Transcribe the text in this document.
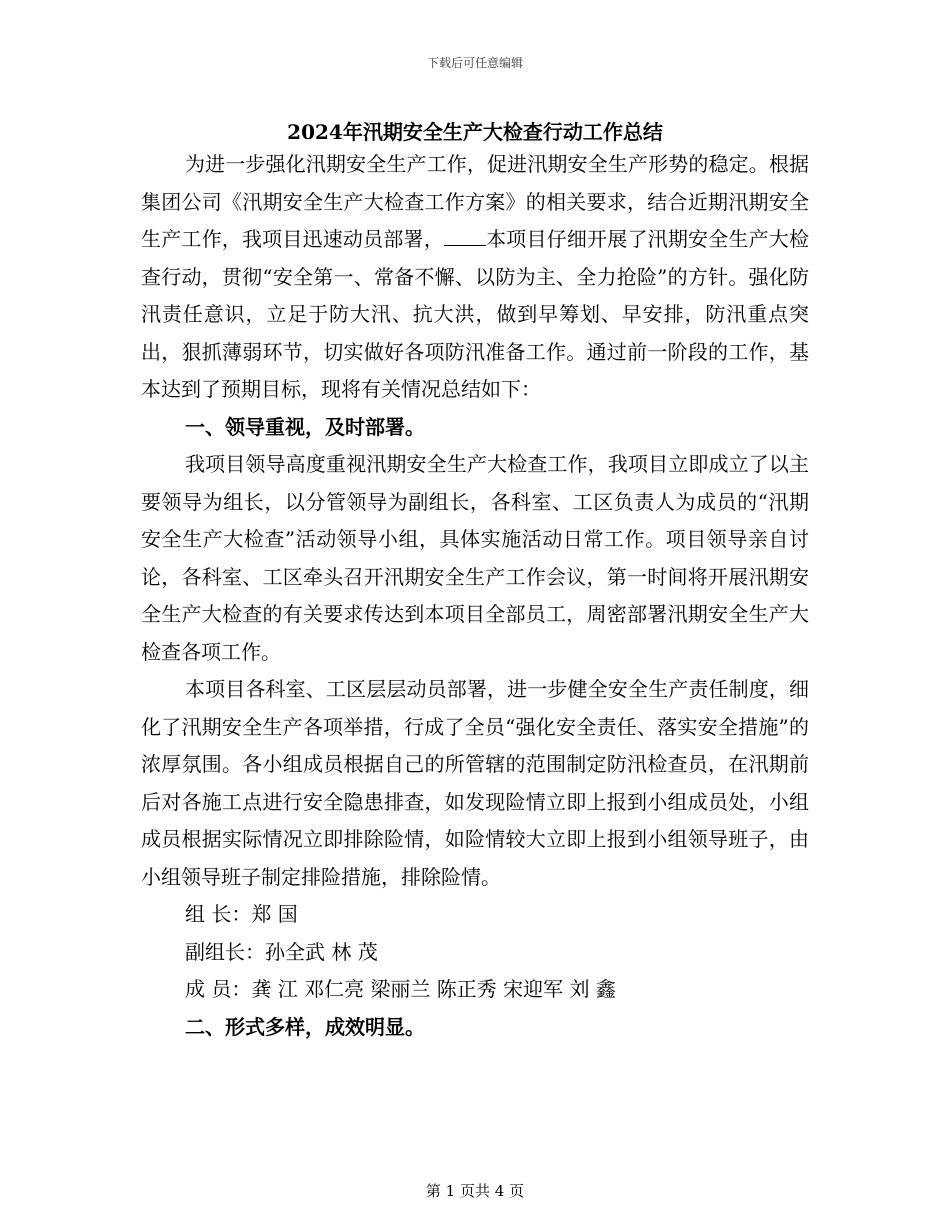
下载后可任意编辑
2024年汛期安全生产大检查行动工作总结

为进一步强化汛期安全生产工作，促进汛期安全生产形势的稳定。根据集团公司《汛期安全生产大检查工作方案》的相关要求，结合近期汛期安全生产工作，我项目迅速动员部署， 本项目仔细开展了汛期安全生产大检查行动，贯彻“安全第一、常备不懈、以防为主、全力抢险”的方针。强化防汛责任意识，立足于防大汛、抗大洪，做到早筹划、早安排，防汛重点突出，狠抓薄弱环节，切实做好各项防汛准备工作。通过前一阶段的工作，基本达到了预期目标，现将有关情况总结如下：

一、领导重视，及时部署。

我项目领导高度重视汛期安全生产大检查工作，我项目立即成立了以主要领导为组长，以分管领导为副组长，各科室、工区负责人为成员的“汛期安全生产大检查”活动领导小组，具体实施活动日常工作。项目领导亲自讨论，各科室、工区牵头召开汛期安全生产工作会议，第一时间将开展汛期安全生产大检查的有关要求传达到本项目全部员工，周密部署汛期安全生产大检查各项工作。

本项目各科室、工区层层动员部署，进一步健全安全生产责任制度，细化了汛期安全生产各项举措，行成了全员“强化安全责任、落实安全措施”的浓厚氛围。各小组成员根据自己的所管辖的范围制定防汛检查员，在汛期前后对各施工点进行安全隐患排查，如发现险情立即上报到小组成员处，小组成员根据实际情况立即排除险情，如险情较大立即上报到小组领导班子，由小组领导班子制定排险措施，排除险情。

组 长：郑 国

副组长：孙全武 林 茂

成 员：龚 江 邓仁亮 梁丽兰 陈正秀 宋迎军 刘 鑫

二、形式多样，成效明显。

第 1 页共 4 页
